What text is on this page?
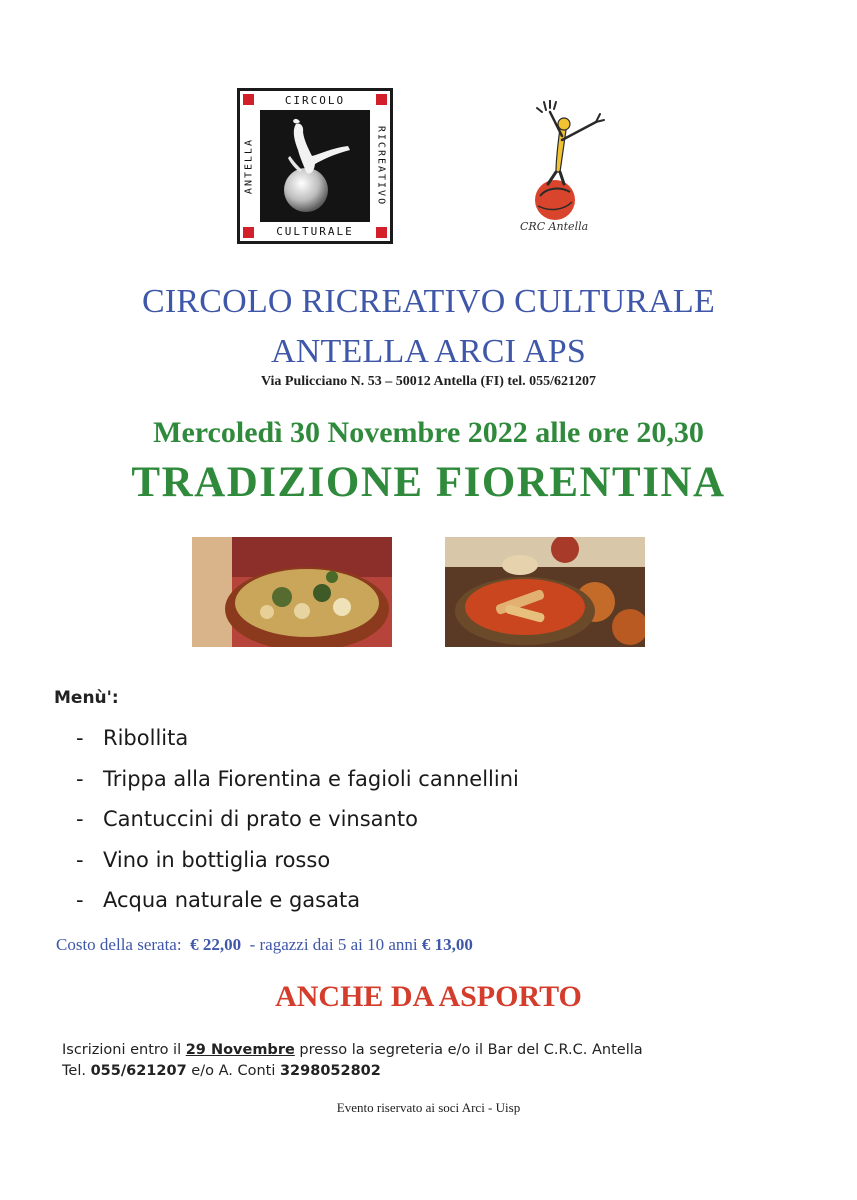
CIRCOLO
CULTURALE
ANTELLA	RICREATIVO
CRC Antella
CIRCOLO RICREATIVO CULTURALE
ANTELLA ARCI APS
Via Pulicciano N. 53 – 50012 Antella (FI) tel. 055/621207
Mercoledì 30 Novembre 2022 alle ore 20,30
TRADIZIONE FIORENTINA
Menù':
- Ribollita
- Trippa alla Fiorentina e fagioli cannellini
- Cantuccini di prato e vinsanto
- Vino in bottiglia rosso
- Acqua naturale e gasata
Costo della serata: € 22,00 - ragazzi dai 5 ai 10 anni € 13,00
ANCHE DA ASPORTO
Iscrizioni entro il 29 Novembre presso la segreteria e/o il Bar del C.R.C. Antella
Tel. 055/621207 e/o A. Conti 3298052802
Evento riservato ai soci Arci - Uisp
